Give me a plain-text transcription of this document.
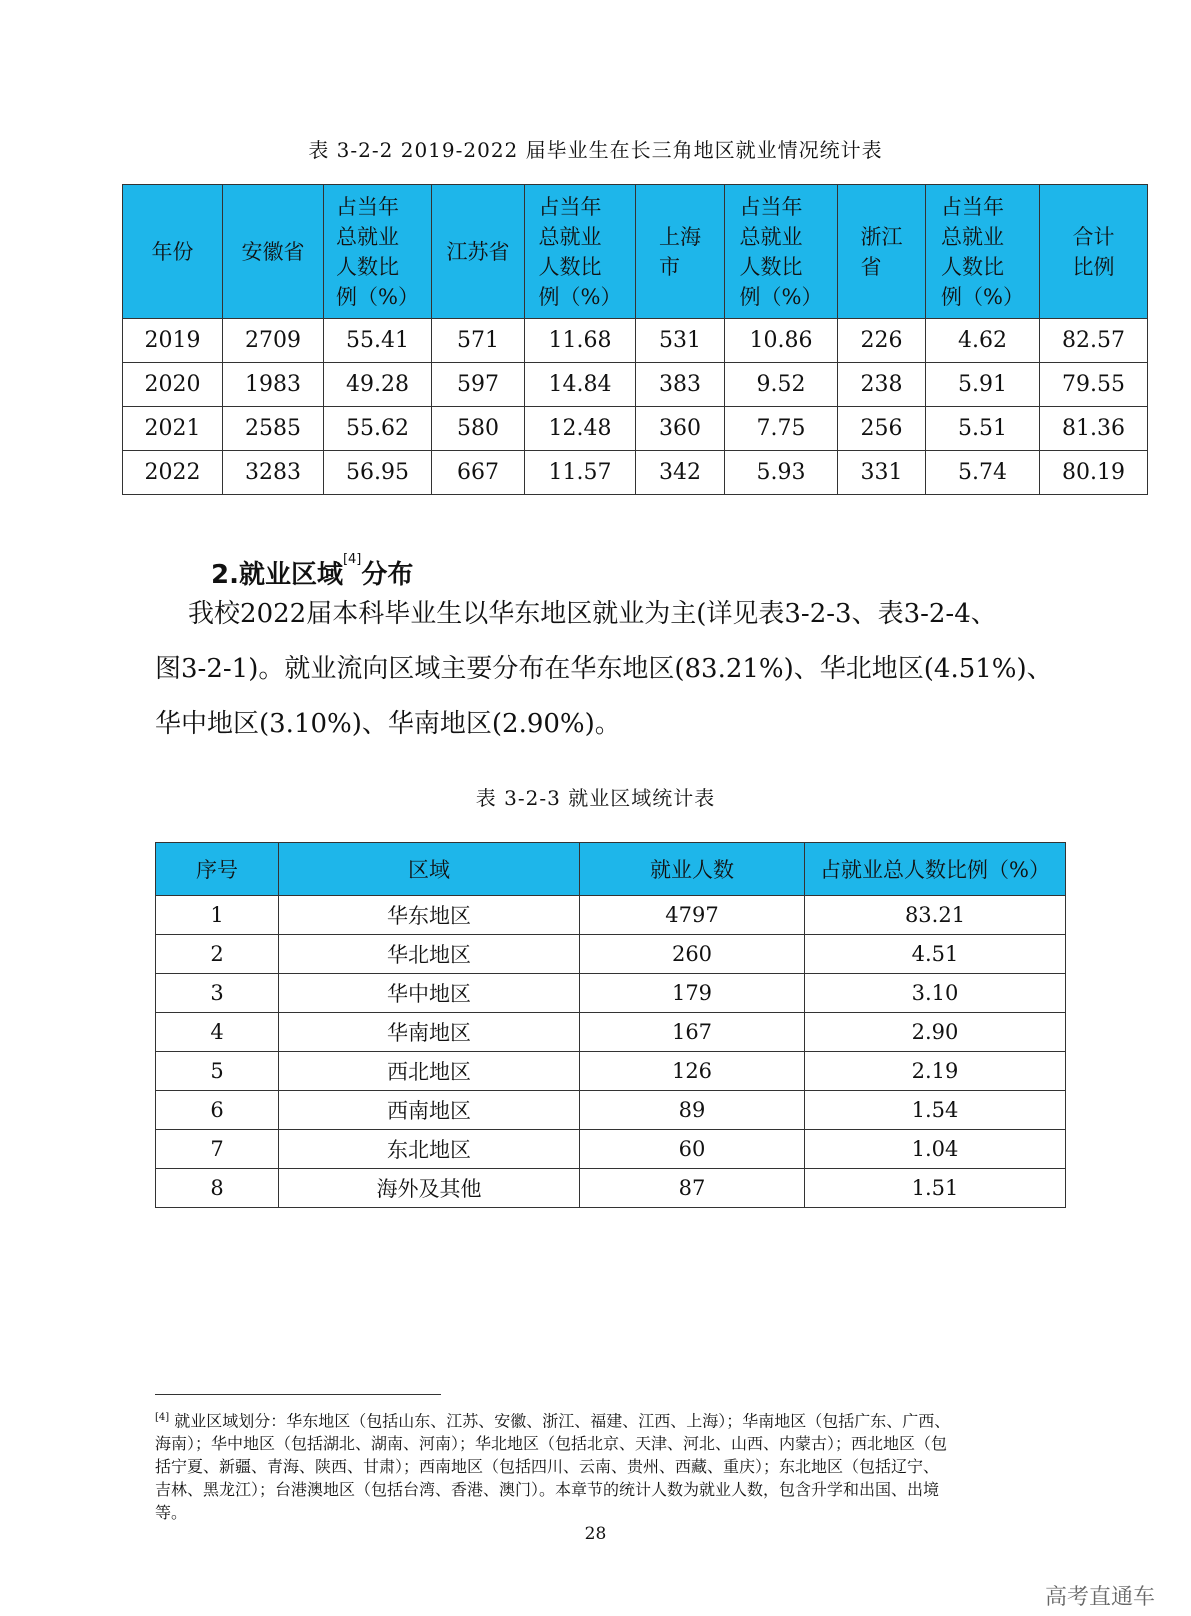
表 3-2-2 2019-2022 届毕业生在长三角地区就业情况统计表
年份	安徽省	占当年
总就业
人数比
例（%）	江苏省	占当年
总就业
人数比
例（%）	上海
市	占当年
总就业
人数比
例（%）	浙江
省	占当年
总就业
人数比
例（%）	合计
比例

2019	2709	55.41	571	11.68	531	10.86	226	4.62	82.57
2020	1983	49.28	597	14.84	383	9.52	238	5.91	79.55
2021	2585	55.62	580	12.48	360	7.75	256	5.51	81.36
2022	3283	56.95	667	11.57	342	5.93	331	5.74	80.19
2.就业区域[4]分布
我校2022届本科毕业生以华东地区就业为主(详见表3-2-3、表3-2-4、
图3-2-1)。就业流向区域主要分布在华东地区(83.21%)、华北地区(4.51%)、
华中地区(3.10%)、华南地区(2.90%)。
表 3-2-3 就业区域统计表
序号	区域	就业人数	占就业总人数比例（%）
1	华东地区	4797	83.21
2	华北地区	260	4.51
3	华中地区	179	3.10
4	华南地区	167	2.90
5	西北地区	126	2.19
6	西南地区	89	1.54
7	东北地区	60	1.04
8	海外及其他	87	1.51
[4] 就业区域划分：华东地区（包括山东、江苏、安徽、浙江、福建、江西、上海）；华南地区（包括广东、广西、
海南）；华中地区（包括湖北、湖南、河南）；华北地区（包括北京、天津、河北、山西、内蒙古）；西北地区（包
括宁夏、新疆、青海、陕西、甘肃）；西南地区（包括四川、云南、贵州、西藏、重庆）；东北地区（包括辽宁、
吉林、黑龙江）；台港澳地区（包括台湾、香港、澳门）。本章节的统计人数为就业人数，包含升学和出国、出境
等。
28
高考直通车
